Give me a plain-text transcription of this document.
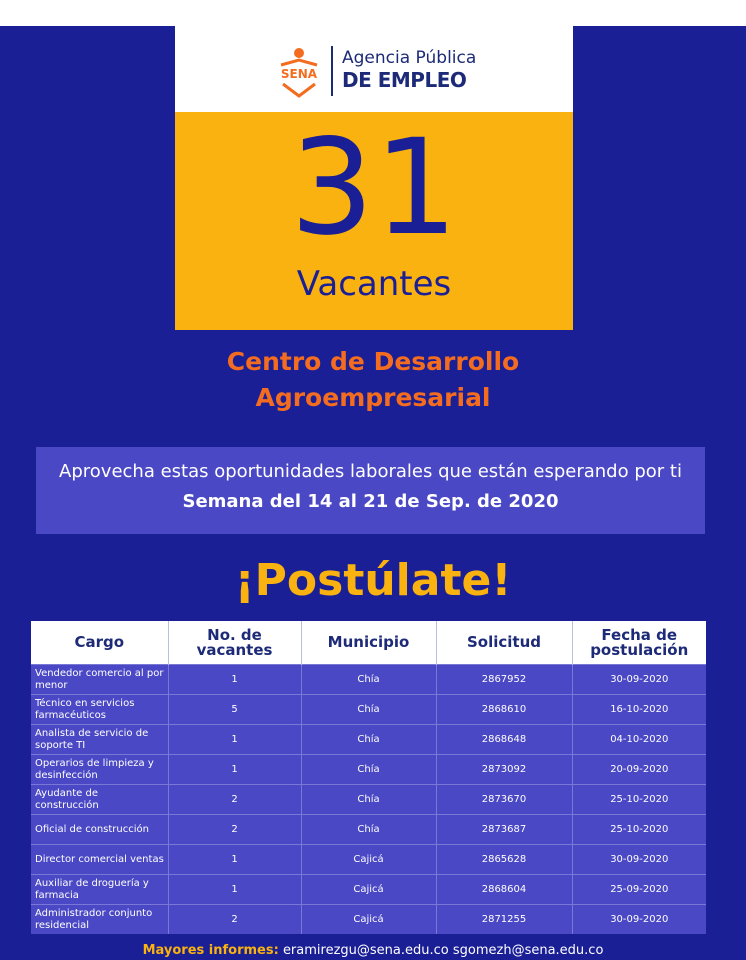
SENA
Agencia Pública
DE EMPLEO
31
Vacantes
Centro de Desarrollo
Agroempresarial
Aprovecha estas oportunidades laborales que están esperando por ti
Semana del 14 al 21 de Sep. de 2020
¡Postúlate!
Cargo	No. de vacantes	Municipio	Solicitud	Fecha de postulación
Vendedor comercio al por menor	1	Chía	2867952	30-09-2020
Técnico en servicios farmacéuticos	5	Chía	2868610	16-10-2020
Analista de servicio de soporte TI	1	Chía	2868648	04-10-2020
Operarios de limpieza y desinfección	1	Chía	2873092	20-09-2020
Ayudante de construcción	2	Chía	2873670	25-10-2020
Oficial de construcción	2	Chía	2873687	25-10-2020
Director comercial ventas	1	Cajicá	2865628	30-09-2020
Auxiliar de droguería y farmacia	1	Cajicá	2868604	25-09-2020
Administrador conjunto residencial	2	Cajicá	2871255	30-09-2020
Mayores informes: eramirezgu@sena.edu.co sgomezh@sena.edu.co
